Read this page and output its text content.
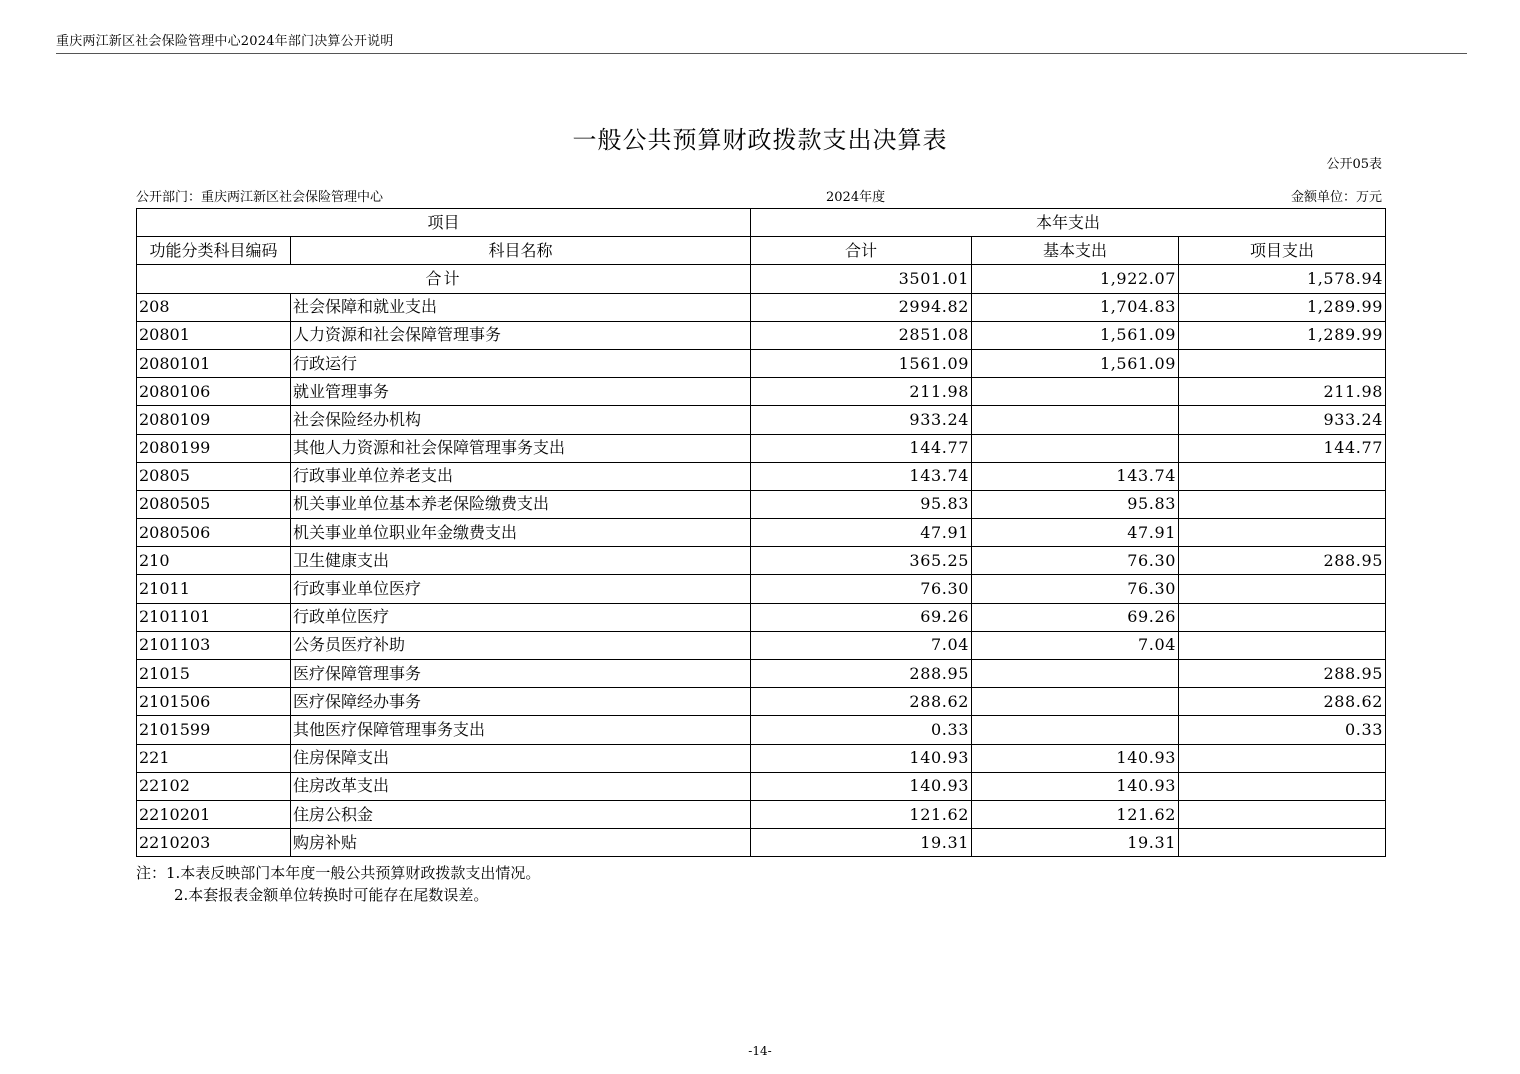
重庆两江新区社会保险管理中心2024年部门决算公开说明
一般公共预算财政拨款支出决算表
公开05表
公开部门：重庆两江新区社会保险管理中心	2024年度	金额单位：万元
项目		本年支出		
功能分类科目编码	科目名称	合计	基本支出	项目支出
合计		3501.01	1,922.07	1,578.94
208	社会保障和就业支出	2994.82	1,704.83	1,289.99
20801	人力资源和社会保障管理事务	2851.08	1,561.09	1,289.99
2080101	行政运行	1561.09	1,561.09	
2080106	就业管理事务	211.98		211.98
2080109	社会保险经办机构	933.24		933.24
2080199	其他人力资源和社会保障管理事务支出	144.77		144.77
20805	行政事业单位养老支出	143.74	143.74	
2080505	机关事业单位基本养老保险缴费支出	95.83	95.83	
2080506	机关事业单位职业年金缴费支出	47.91	47.91	
210	卫生健康支出	365.25	76.30	288.95
21011	行政事业单位医疗	76.30	76.30	
2101101	行政单位医疗	69.26	69.26	
2101103	公务员医疗补助	7.04	7.04	
21015	医疗保障管理事务	288.95		288.95
2101506	医疗保障经办事务	288.62		288.62
2101599	其他医疗保障管理事务支出	0.33		0.33
221	住房保障支出	140.93	140.93	
22102	住房改革支出	140.93	140.93	
2210201	住房公积金	121.62	121.62	
2210203	购房补贴	19.31	19.31	
注：1.本表反映部门本年度一般公共预算财政拨款支出情况。
2.本套报表金额单位转换时可能存在尾数误差。
-14-
